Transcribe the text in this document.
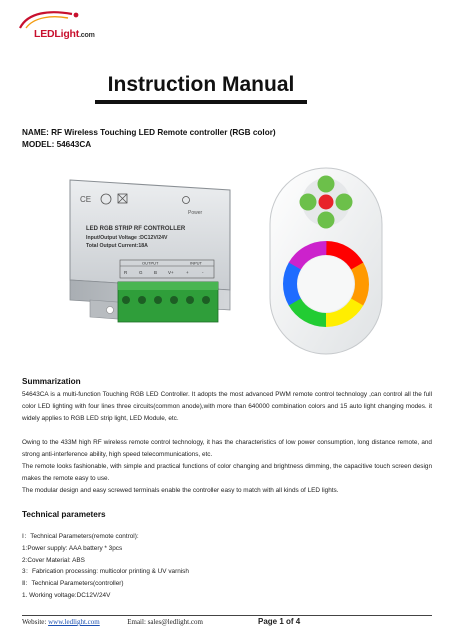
LEDLight.com
Instruction Manual
NAME: RF Wireless Touching LED Remote controller (RGB color)
MODEL: 54643CA
CE
Power
LED RGB STRIP RF CONTROLLER
Input/Output Voltage :DC12V/24V
Total Output Current:18A
OUTPUT	INPUT
R	G	B V+	+	-
Summarization
54643CA is a multi-function Touching RGB LED Controller. It adopts the most advanced PWM remote control technology ,can control all the full color LED lighting with four lines three circuits(common anode),with more than 640000 combination colors and 15 auto light changing modes. it widely applies to RGB LED strip light, LED Module, etc.
Owing to the 433M high RF wireless remote control technology, it has the characteristics of low power consumption, long distance remote, and strong anti-interference ability, high speed telecommunications, etc.
The remote looks fashionable, with simple and practical functions of color changing and brightness dimming, the capacitive touch screen design makes the remote easy to use.
The modular design and easy screwed terminals enable the controller easy to match with all kinds of LED lights.
Technical parameters
Ⅰ：Technical Parameters(remote control):
1:Power supply: AAA battery * 3pcs
2:Cover Material: ABS
3：Fabrication processing: multicolor printing & UV varnish
Ⅱ：Technical Parameters(controller)
1. Working voltage:DC12V/24V
Website: www.ledlight.com	Email: sales@ledlight.com	Page 1 of 4
